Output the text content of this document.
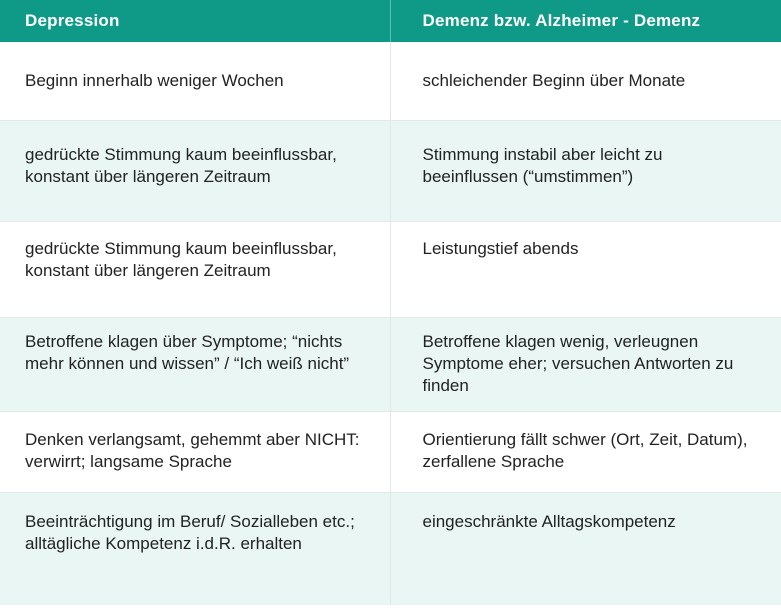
Depression	Demenz bzw. Alzheimer - Demenz
Beginn innerhalb weniger Wochen	schleichender Beginn über Monate
gedrückte Stimmung kaum beeinflussbar, konstant über längeren Zeitraum	Stimmung instabil aber leicht zu beeinflussen (“umstimmen”)
gedrückte Stimmung kaum beeinflussbar, konstant über längeren Zeitraum	Leistungstief abends
Betroffene klagen über Symptome; “nichts mehr können und wissen” / “Ich weiß nicht”	Betroffene klagen wenig, verleugnen Symptome eher; versuchen Antworten zu finden
Denken verlangsamt, gehemmt aber NICHT: verwirrt; langsame Sprache	Orientierung fällt schwer (Ort, Zeit, Datum), zerfallene Sprache
Beeinträchtigung im Beruf/ Sozialleben etc.; alltägliche Kompetenz i.d.R. erhalten	eingeschränkte Alltagskompetenz
